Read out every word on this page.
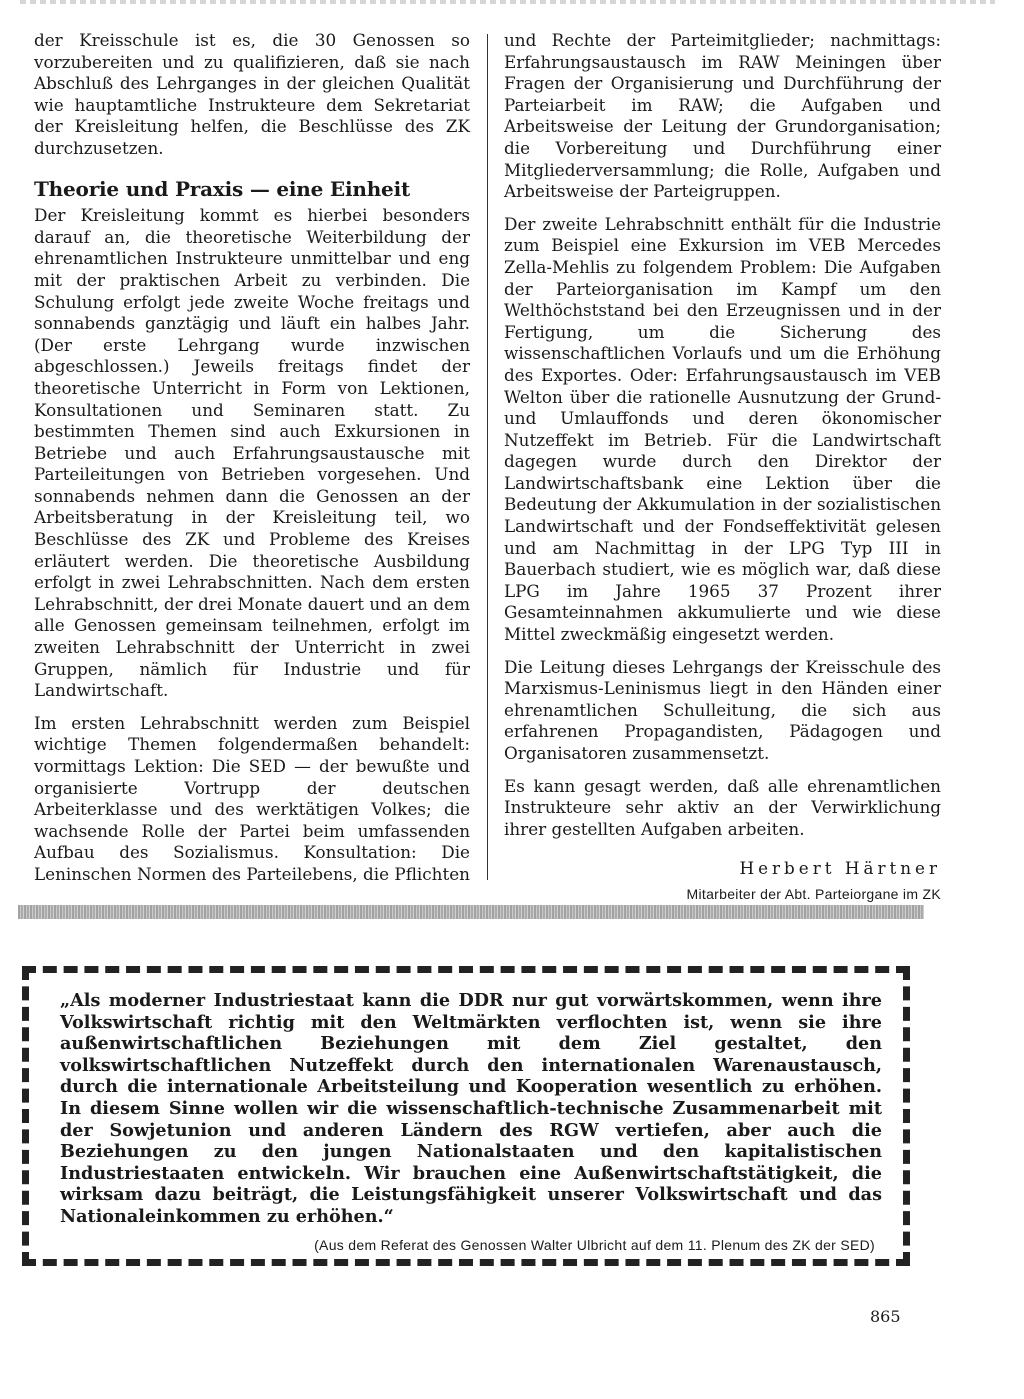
der Kreisschule ist es, die 30 Genossen so vorzubereiten und zu qualifizieren, daß sie nach Abschluß des Lehrganges in der gleichen Qualität wie hauptamtliche Instrukteure dem Sekretariat der Kreisleitung helfen, die Beschlüsse des ZK durchzusetzen.

Theorie und Praxis — eine Einheit

Der Kreisleitung kommt es hierbei besonders darauf an, die theoretische Weiterbildung der ehrenamtlichen Instrukteure unmittelbar und eng mit der praktischen Arbeit zu verbinden. Die Schulung erfolgt jede zweite Woche freitags und sonnabends ganztägig und läuft ein halbes Jahr. (Der erste Lehrgang wurde inzwischen abgeschlossen.) Jeweils freitags findet der theoretische Unterricht in Form von Lektionen, Konsultationen und Seminaren statt. Zu bestimmten Themen sind auch Exkursionen in Betriebe und auch Erfahrungsaustausche mit Parteileitungen von Betrieben vorgesehen. Und sonnabends nehmen dann die Genossen an der Arbeitsberatung in der Kreisleitung teil, wo Beschlüsse des ZK und Probleme des Kreises erläutert werden. Die theoretische Ausbildung erfolgt in zwei Lehrabschnitten. Nach dem ersten Lehrabschnitt, der drei Monate dauert und an dem alle Genossen gemeinsam teilnehmen, erfolgt im zweiten Lehrabschnitt der Unterricht in zwei Gruppen, nämlich für Industrie und für Landwirtschaft.

Im ersten Lehrabschnitt werden zum Beispiel wichtige Themen folgendermaßen behandelt: vormittags Lektion: Die SED — der bewußte und organisierte Vortrupp der deutschen Arbeiterklasse und des werktätigen Volkes; die wachsende Rolle der Partei beim umfassenden Aufbau des Sozialismus. Konsultation: Die Leninschen Normen des Parteilebens, die Pflichten

und Rechte der Parteimitglieder; nachmittags: Erfahrungsaustausch im RAW Meiningen über Fragen der Organisierung und Durchführung der Parteiarbeit im RAW; die Aufgaben und Arbeitsweise der Leitung der Grundorganisation; die Vorbereitung und Durchführung einer Mitgliederversammlung; die Rolle, Aufgaben und Arbeitsweise der Parteigruppen.

Der zweite Lehrabschnitt enthält für die Industrie zum Beispiel eine Exkursion im VEB Mercedes Zella-Mehlis zu folgendem Problem: Die Aufgaben der Parteiorganisation im Kampf um den Welthöchststand bei den Erzeugnissen und in der Fertigung, um die Sicherung des wissenschaftlichen Vorlaufs und um die Erhöhung des Exportes. Oder: Erfahrungsaustausch im VEB Welton über die rationelle Ausnutzung der Grund- und Umlauffonds und deren ökonomischer Nutzeffekt im Betrieb. Für die Landwirtschaft dagegen wurde durch den Direktor der Landwirtschaftsbank eine Lektion über die Bedeutung der Akkumulation in der sozialistischen Landwirtschaft und der Fondseffektivität gelesen und am Nachmittag in der LPG Typ III in Bauerbach studiert, wie es möglich war, daß diese LPG im Jahre 1965 37 Prozent ihrer Gesamteinnahmen akkumulierte und wie diese Mittel zweckmäßig eingesetzt werden.

Die Leitung dieses Lehrgangs der Kreisschule des Marxismus-Leninismus liegt in den Händen einer ehrenamtlichen Schulleitung, die sich aus erfahrenen Propagandisten, Pädagogen und Organisatoren zusammensetzt.

Es kann gesagt werden, daß alle ehrenamtlichen Instrukteure sehr aktiv an der Verwirklichung ihrer gestellten Aufgaben arbeiten.

Herbert Härtner
Mitarbeiter der Abt. Parteiorgane im ZK
„Als moderner Industriestaat kann die DDR nur gut vorwärtskommen, wenn ihre Volkswirtschaft richtig mit den Weltmärkten verflochten ist, wenn sie ihre außenwirtschaftlichen Beziehungen mit dem Ziel gestaltet, den volkswirtschaftlichen Nutzeffekt durch den internationalen Warenaustausch, durch die internationale Arbeitsteilung und Kooperation wesentlich zu erhöhen. In diesem Sinne wollen wir die wissenschaftlich-technische Zusammenarbeit mit der Sowjetunion und anderen Ländern des RGW vertiefen, aber auch die Beziehungen zu den jungen Nationalstaaten und den kapitalistischen Industriestaaten entwickeln. Wir brauchen eine Außenwirtschaftstätigkeit, die wirksam dazu beiträgt, die Leistungsfähigkeit unserer Volkswirtschaft und das Nationaleinkommen zu erhöhen.“
(Aus dem Referat des Genossen Walter Ulbricht auf dem 11. Plenum des ZK der SED)
865
